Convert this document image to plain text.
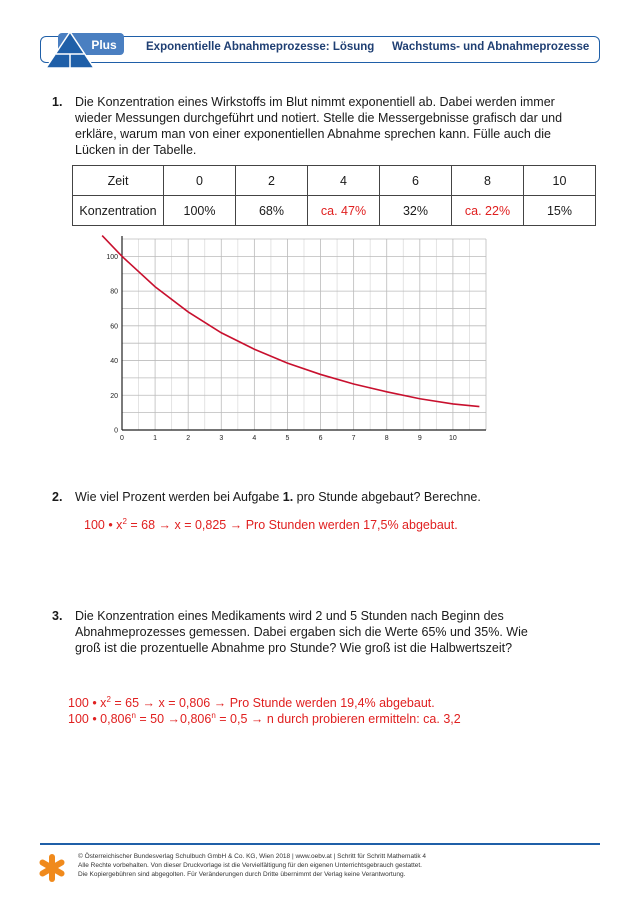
Plus	Exponentielle Abnahmeprozesse: Lösung Wachstums- und Abnahmeprozesse
1. Die Konzentration eines Wirkstoffs im Blut nimmt exponentiell ab. Dabei werden immer wieder Messungen durchgeführt und notiert. Stelle die Messergebnisse grafisch dar und erkläre, warum man von einer exponentiellen Abnahme sprechen kann. Fülle auch die Lücken in der Tabelle.
Zeit	0	2	4	6	8	10
Konzentration	100%	68%	ca. 47%	32%	ca. 22%	15%
0	1	2	3	4	5	6	7	8	9	10
0
20
40
60
80
100
2. Wie viel Prozent werden bei Aufgabe 1. pro Stunde abgebaut? Berechne.
100 • $x^2 = 68 \to x = 0,825$ → Pro Stunden werden 17,5% abgebaut.
3. Die Konzentration eines Medikaments wird 2 und 5 Stunden nach Beginn des Abnahmeprozesses gemessen. Dabei ergaben sich die Werte 65% und 35%. Wie groß ist die prozentuelle Abnahme pro Stunde? Wie groß ist die Halbwertszeit?
100 • $x^2 = 65 \to x = 0,806$ → Pro Stunde werden 19,4% abgebaut.
100 • $0,806^n = 50 \to 0,806^n = 0,5 \to n$ durch probieren ermitteln: ca. 3,2
© Österreichischer Bundesverlag Schulbuch GmbH & Co. KG, Wien 2018 | www.oebv.at | Schritt für Schritt Mathematik 4
Alle Rechte vorbehalten. Von dieser Druckvorlage ist die Vervielfältigung für den eigenen Unterrichtsgebrauch gestattet.
Die Kopiergebühren sind abgegolten. Für Veränderungen durch Dritte übernimmt der Verlag keine Verantwortung.
